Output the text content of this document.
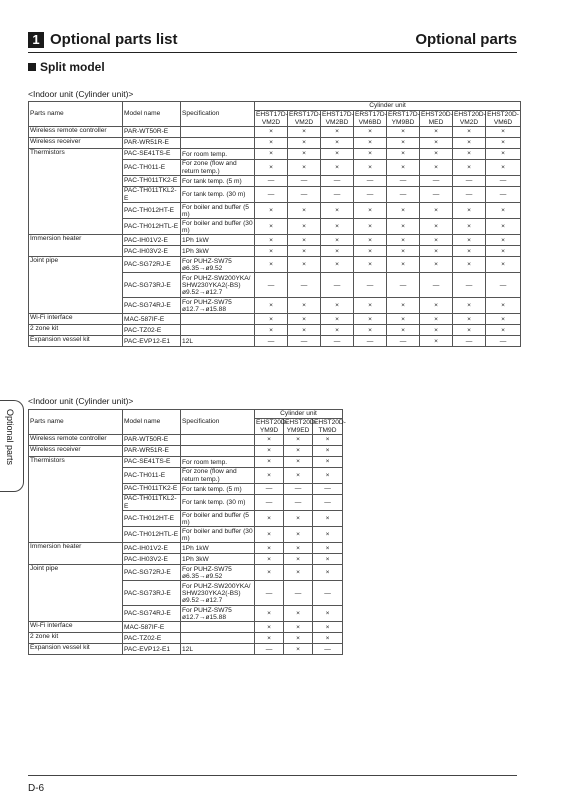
1 Optional parts list	Optional parts
Split model
<Indoor unit (Cylinder unit)>
Parts name	Model name	Specification	Cylinder unit							
			EHST17D-VM2D	ERST17D-VM2D	EHST17D-VM2BD	ERST17D-VM6BD	ERST17D-YM9BD	EHST20D-MED	EHST20D-VM2D	EHST20D-VM6D
Wireless remote controller	PAR-WT50R-E		×	×	×	×	×	×	×	×
Wireless receiver	PAR-WR51R-E		×	×	×	×	×	×	×	×
Thermistors	PAC-SE41TS-E	For room temp.	×	×	×	×	×	×	×	×
	PAC-TH011-E	For zone (flow and return temp.)	×	×	×	×	×	×	×	×
	PAC-TH011TK2-E	For tank temp. (5 m)	—	—	—	—	—	—	—	—
	PAC-TH011TKL2-E	For tank temp. (30 m)	—	—	—	—	—	—	—	—
	PAC-TH012HT-E	For boiler and buffer (5 m)	×	×	×	×	×	×	×	×
	PAC-TH012HTL-E	For boiler and buffer (30 m)	×	×	×	×	×	×	×	×
Immersion heater	PAC-IH01V2-E	1Ph 1kW	×	×	×	×	×	×	×	×
	PAC-IH03V2-E	1Ph 3kW	×	×	×	×	×	×	×	×
Joint pipe	PAC-SG72RJ-E	For PUHZ-SW75 ø6.35→ø9.52	×	×	×	×	×	×	×	×
	PAC-SG73RJ-E	For PUHZ-SW200YKA/ SHW230YKA2(-BS) ø9.52→ø12.7	—	—	—	—	—	—	—	—
	PAC-SG74RJ-E	For PUHZ-SW75 ø12.7→ø15.88	×	×	×	×	×	×	×	×
Wi-Fi interface	MAC-587IF-E		×	×	×	×	×	×	×	×
2 zone kit	PAC-TZ02-E		×	×	×	×	×	×	×	×
Expansion vessel kit	PAC-EVP12-E1	12L	—	—	—	—	—	×	—	—
<Indoor unit (Cylinder unit)>
Parts name	Model name	Specification	Cylinder unit		
			EHST20D-YM9D	EHST20D-YM9ED	EHST20D-TM9D
Wireless remote controller	PAR-WT50R-E		×	×	×
Wireless receiver	PAR-WR51R-E		×	×	×
Thermistors	PAC-SE41TS-E	For room temp.	×	×	×
	PAC-TH011-E	For zone (flow and return temp.)	×	×	×
	PAC-TH011TK2-E	For tank temp. (5 m)	—	—	—
	PAC-TH011TKL2-E	For tank temp. (30 m)	—	—	—
	PAC-TH012HT-E	For boiler and buffer (5 m)	×	×	×
	PAC-TH012HTL-E	For boiler and buffer (30 m)	×	×	×
Immersion heater	PAC-IH01V2-E	1Ph 1kW	×	×	×
	PAC-IH03V2-E	1Ph 3kW	×	×	×
Joint pipe	PAC-SG72RJ-E	For PUHZ-SW75 ø6.35→ø9.52	×	×	×
	PAC-SG73RJ-E	For PUHZ-SW200YKA/ SHW230YKA2(-BS) ø9.52→ø12.7	—	—	—
	PAC-SG74RJ-E	For PUHZ-SW75 ø12.7→ø15.88	×	×	×
Wi-Fi interface	MAC-587IF-E		×	×	×
2 zone kit	PAC-TZ02-E		×	×	×
Expansion vessel kit	PAC-EVP12-E1	12L	—	×	—
Optional parts
D-6
